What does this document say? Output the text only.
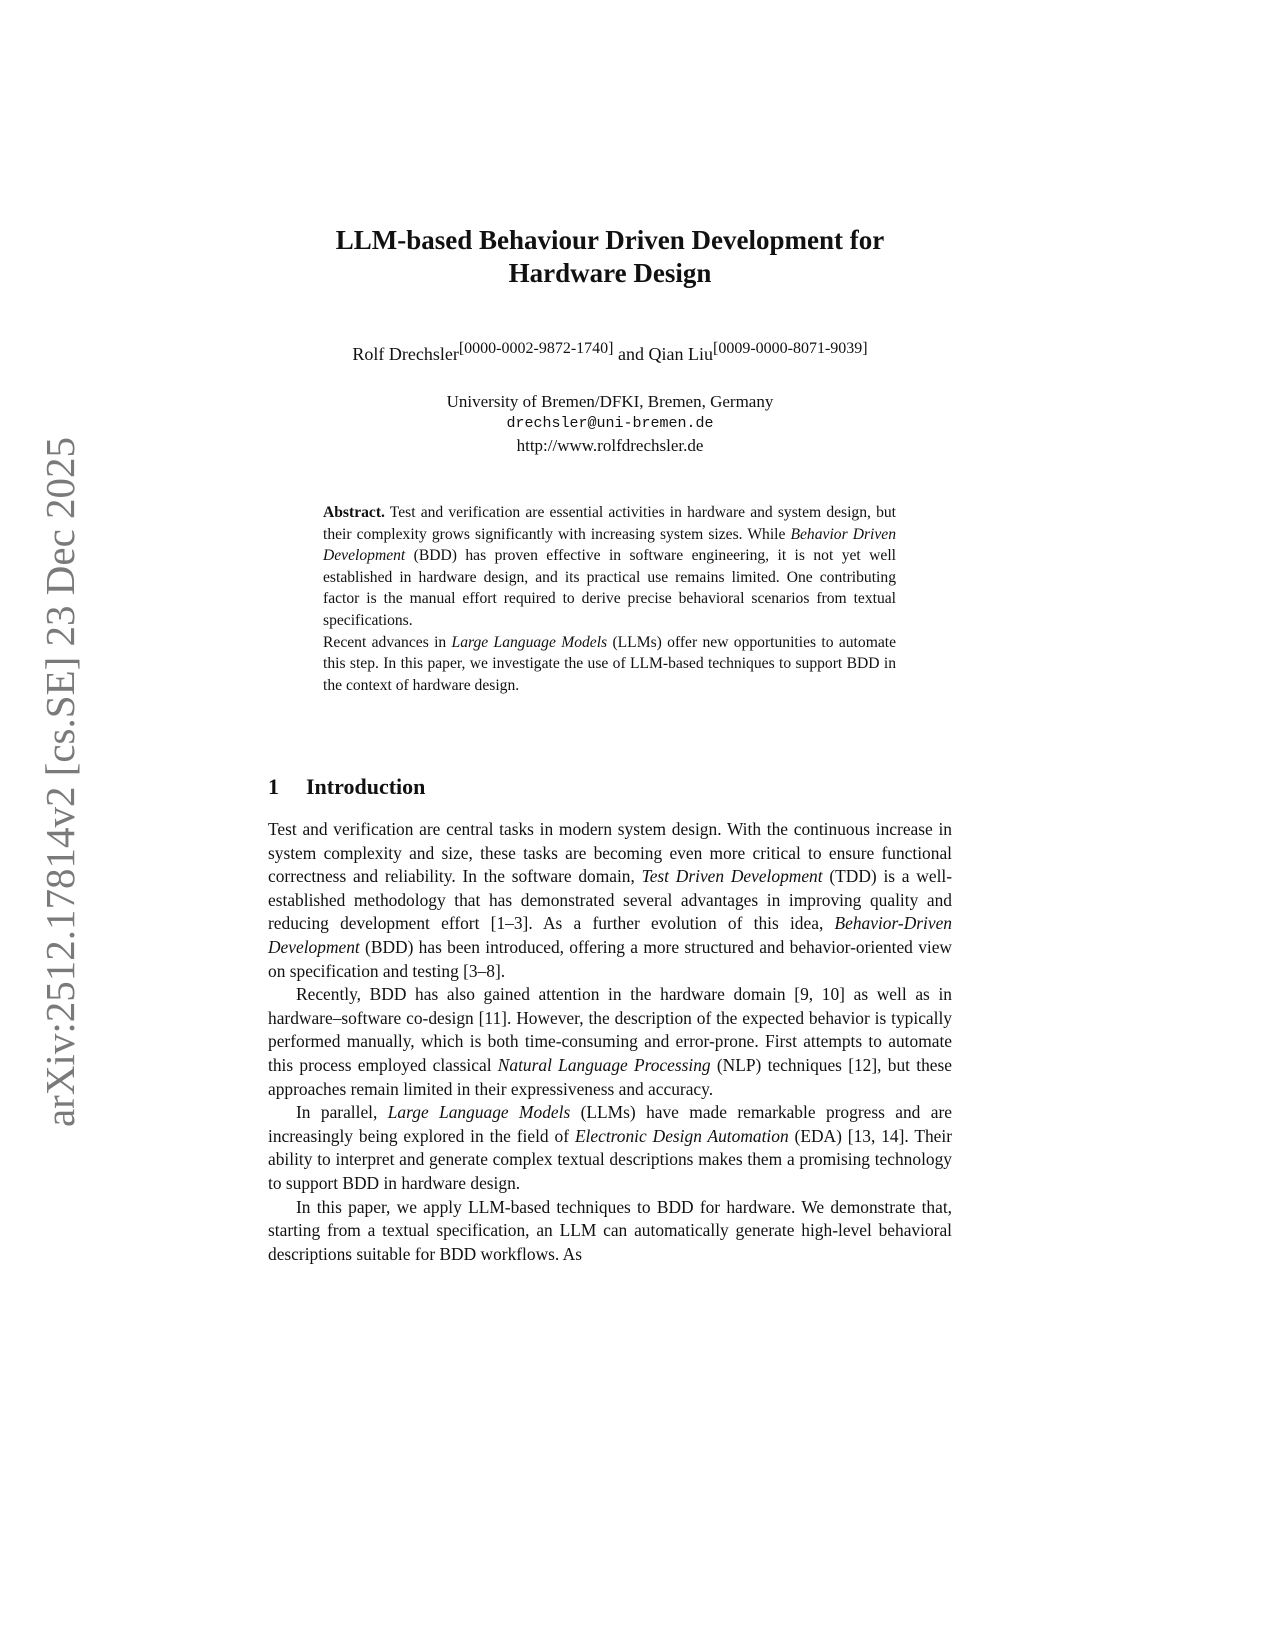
arXiv:2512.17814v2 [cs.SE] 23 Dec 2025
LLM-based Behaviour Driven Development for
Hardware Design
Rolf Drechsler[0000-0002-9872-1740] and Qian Liu[0009-0000-8071-9039]
University of Bremen/DFKI, Bremen, Germany
drechsler@uni-bremen.de
http://www.rolfdrechsler.de

Abstract. Test and verification are essential activities in hardware and system design, but their complexity grows significantly with increasing system sizes. While Behavior Driven Development (BDD) has proven effective in software engineering, it is not yet well established in hardware design, and its practical use remains limited. One contributing factor is the manual effort required to derive precise behavioral scenarios from textual specifications.

Recent advances in Large Language Models (LLMs) offer new opportunities to automate this step. In this paper, we investigate the use of LLM-based techniques to support BDD in the context of hardware design.

1 Introduction

Test and verification are central tasks in modern system design. With the continuous increase in system complexity and size, these tasks are becoming even more critical to ensure functional correctness and reliability. In the software domain, Test Driven Development (TDD) is a well-established methodology that has demonstrated several advantages in improving quality and reducing development effort [1–3]. As a further evolution of this idea, Behavior-Driven Development (BDD) has been introduced, offering a more structured and behavior-oriented view on specification and testing [3–8].

Recently, BDD has also gained attention in the hardware domain [9, 10] as well as in hardware–software co-design [11]. However, the description of the expected behavior is typically performed manually, which is both time-consuming and error-prone. First attempts to automate this process employed classical Natural Language Processing (NLP) techniques [12], but these approaches remain limited in their expressiveness and accuracy.

In parallel, Large Language Models (LLMs) have made remarkable progress and are increasingly being explored in the field of Electronic Design Automation (EDA) [13, 14]. Their ability to interpret and generate complex textual descriptions makes them a promising technology to support BDD in hardware design.

In this paper, we apply LLM-based techniques to BDD for hardware. We demonstrate that, starting from a textual specification, an LLM can automatically generate high-level behavioral descriptions suitable for BDD workflows. As
